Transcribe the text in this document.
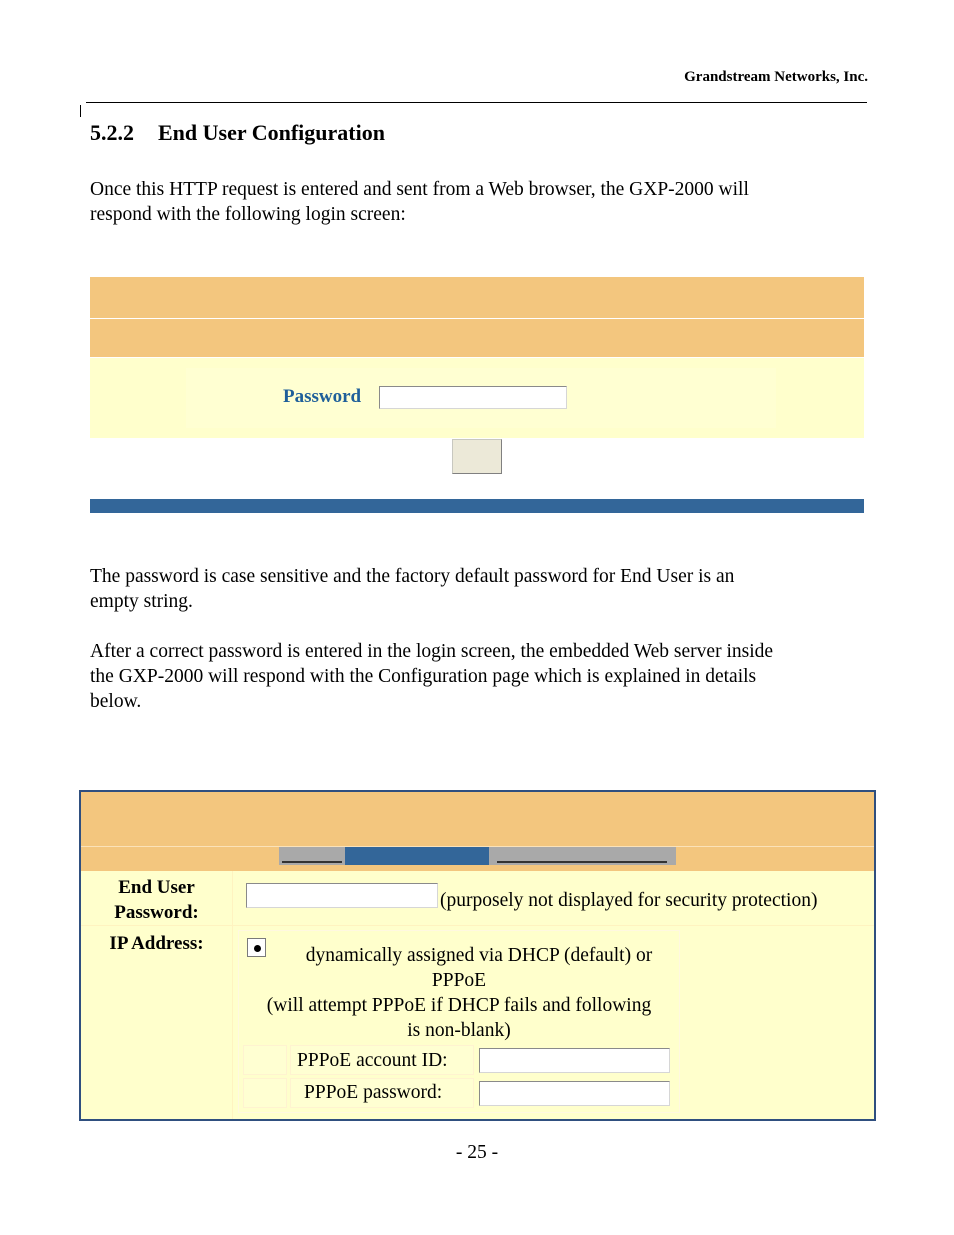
Grandstream Networks, Inc.
5.2.2 End User Configuration
Once this HTTP request is entered and sent from a Web browser, the GXP-2000 will
respond with the following login screen:
Password
The password is case sensitive and the factory default password for End User is an
empty string.
After a correct password is entered in the login screen, the embedded Web server inside
the GXP-2000 will respond with the Configuration page which is explained in details
below.
End User
Password:
(purposely not displayed for security protection)
IP Address:
dynamically assigned via DHCP (default) or
PPPoE
(will attempt PPPoE if DHCP fails and following
is non-blank)
PPPoE account ID:
PPPoE password:
- 25 -
